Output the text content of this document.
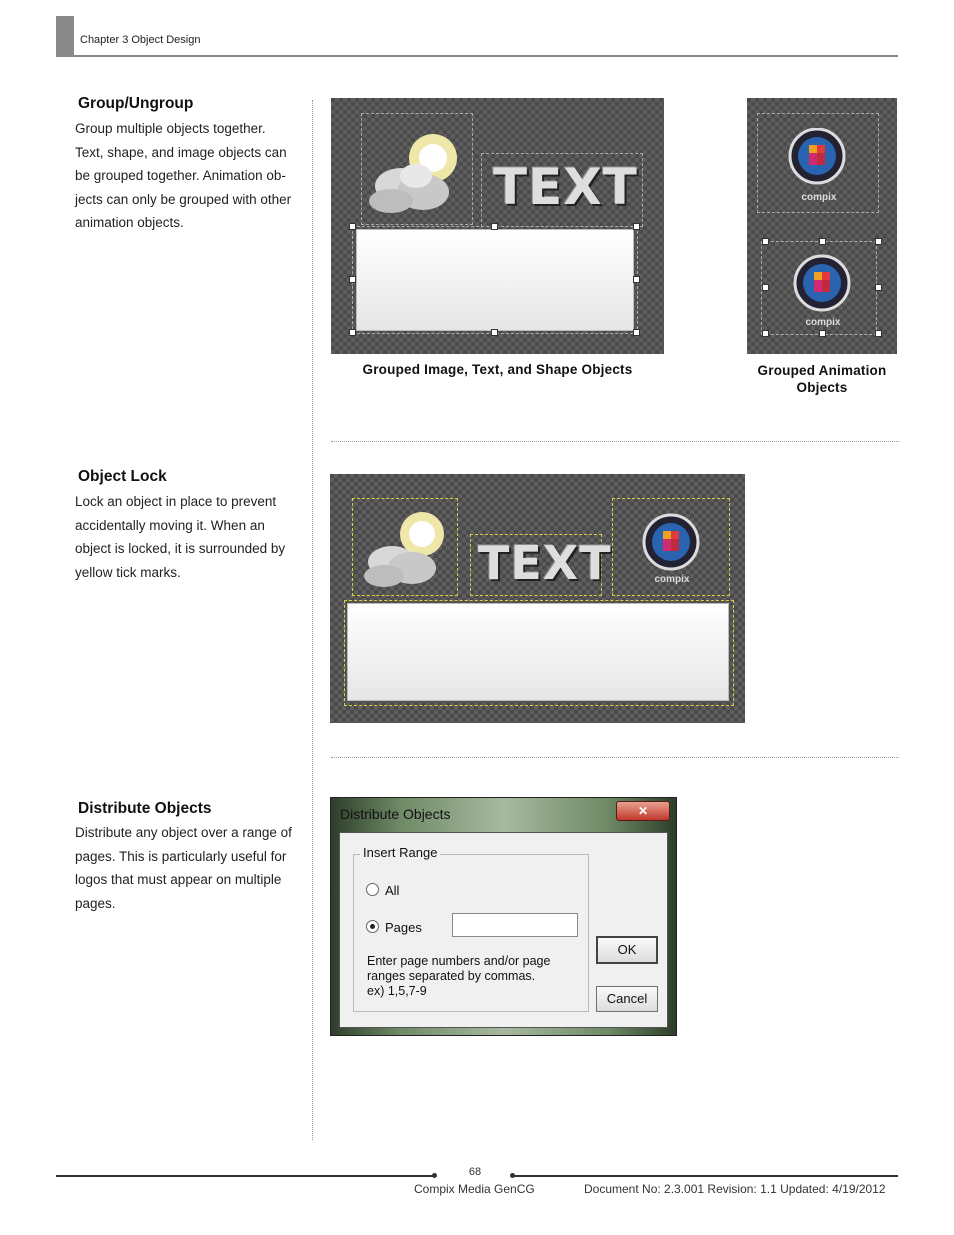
Chapter 3 Object Design
Group/Ungroup
Group multiple objects together.
Text, shape, and image objects can
be grouped together. Animation ob-
jects can only be grouped with other
animation objects.
TEXT
Grouped Image, Text, and Shape Objects
compix
compix
Grouped Animation
Objects
Object Lock
Lock an object in place to prevent
accidentally moving it. When an
object is locked, it is surrounded by
yellow tick marks.	TEXT	compix
Distribute Objects
Distribute any object over a range of
pages. This is particularly useful for
logos that must appear on multiple
pages.
Distribute Objects	✕
Insert Range
All
Pages
Enter page numbers and/or page
ranges separated by commas.
ex) 1,5,7-9
OK
Cancel
68
Compix Media GenCG	Document No: 2.3.001 Revision: 1.1 Updated: 4/19/2012
